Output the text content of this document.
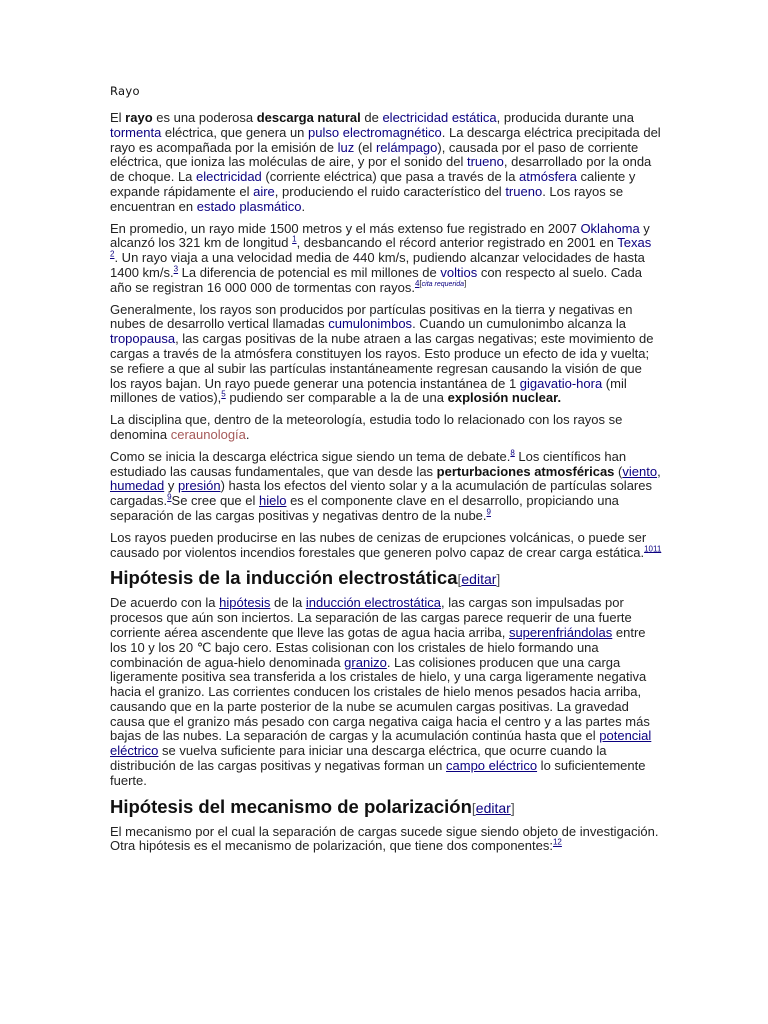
Rayo

El rayo es una poderosa descarga natural de electricidad estática, producida durante una tormenta eléctrica, que genera un pulso electromagnético. La descarga eléctrica precipitada del rayo es acompañada por la emisión de luz (el relámpago), causada por el paso de corriente eléctrica, que ioniza las moléculas de aire, y por el sonido del trueno, desarrollado por la onda de choque. La electricidad (corriente eléctrica) que pasa a través de la atmósfera caliente y expande rápidamente el aire, produciendo el ruido característico del trueno. Los rayos se encuentran en estado plasmático.

En promedio, un rayo mide 1500 metros y el más extenso fue registrado en 2007 Oklahoma y alcanzó los 321 km de longitud $^1$, desbancando el récord anterior registrado en 2001 en Texas $^2$. Un rayo viaja a una velocidad media de 440 km/s, pudiendo alcanzar velocidades de hasta 1400 km/s.$^3$ La diferencia de potencial es mil millones de voltios con respecto al suelo. Cada año se registran 16 000 000 de tormentas con rayos.$^{4[cita requerida]}$

Generalmente, los rayos son producidos por partículas positivas en la tierra y negativas en nubes de desarrollo vertical llamadas cumulonimbos. Cuando un cumulonimbo alcanza la tropopausa, las cargas positivas de la nube atraen a las cargas negativas; este movimiento de cargas a través de la atmósfera constituyen los rayos. Esto produce un efecto de ida y vuelta; se refiere a que al subir las partículas instantáneamente regresan causando la visión de que los rayos bajan. Un rayo puede generar una potencia instantánea de 1 gigavatio-hora (mil millones de vatios),$^5$ pudiendo ser comparable a la de una explosión nuclear.

La disciplina que, dentro de la meteorología, estudia todo lo relacionado con los rayos se denomina ceraunología.

Como se inicia la descarga eléctrica sigue siendo un tema de debate.$^8$ Los científicos han estudiado las causas fundamentales, que van desde las perturbaciones atmosféricas (viento, humedad y presión) hasta los efectos del viento solar y a la acumulación de partículas solares cargadas.$^9$Se cree que el hielo es el componente clave en el desarrollo, propiciando una separación de las cargas positivas y negativas dentro de la nube.$^9$

Los rayos pueden producirse en las nubes de cenizas de erupciones volcánicas, o puede ser causado por violentos incendios forestales que generen polvo capaz de crear carga estática.$^{1011}$

Hipótesis de la inducción electrostática[editar]

De acuerdo con la hipótesis de la inducción electrostática, las cargas son impulsadas por procesos que aún son inciertos. La separación de las cargas parece requerir de una fuerte corriente aérea ascendente que lleve las gotas de agua hacia arriba, superenfriándolas entre los 10 y los 20 ℃ bajo cero. Estas colisionan con los cristales de hielo formando una combinación de agua-hielo denominada granizo. Las colisiones producen que una carga ligeramente positiva sea transferida a los cristales de hielo, y una carga ligeramente negativa hacia el granizo. Las corrientes conducen los cristales de hielo menos pesados hacia arriba, causando que en la parte posterior de la nube se acumulen cargas positivas. La gravedad causa que el granizo más pesado con carga negativa caiga hacia el centro y a las partes más bajas de las nubes. La separación de cargas y la acumulación continúa hasta que el potencial eléctrico se vuelva suficiente para iniciar una descarga eléctrica, que ocurre cuando la distribución de las cargas positivas y negativas forman un campo eléctrico lo suficientemente fuerte.

Hipótesis del mecanismo de polarización[editar]

El mecanismo por el cual la separación de cargas sucede sigue siendo objeto de investigación. Otra hipótesis es el mecanismo de polarización, que tiene dos componentes:$^{12}$
